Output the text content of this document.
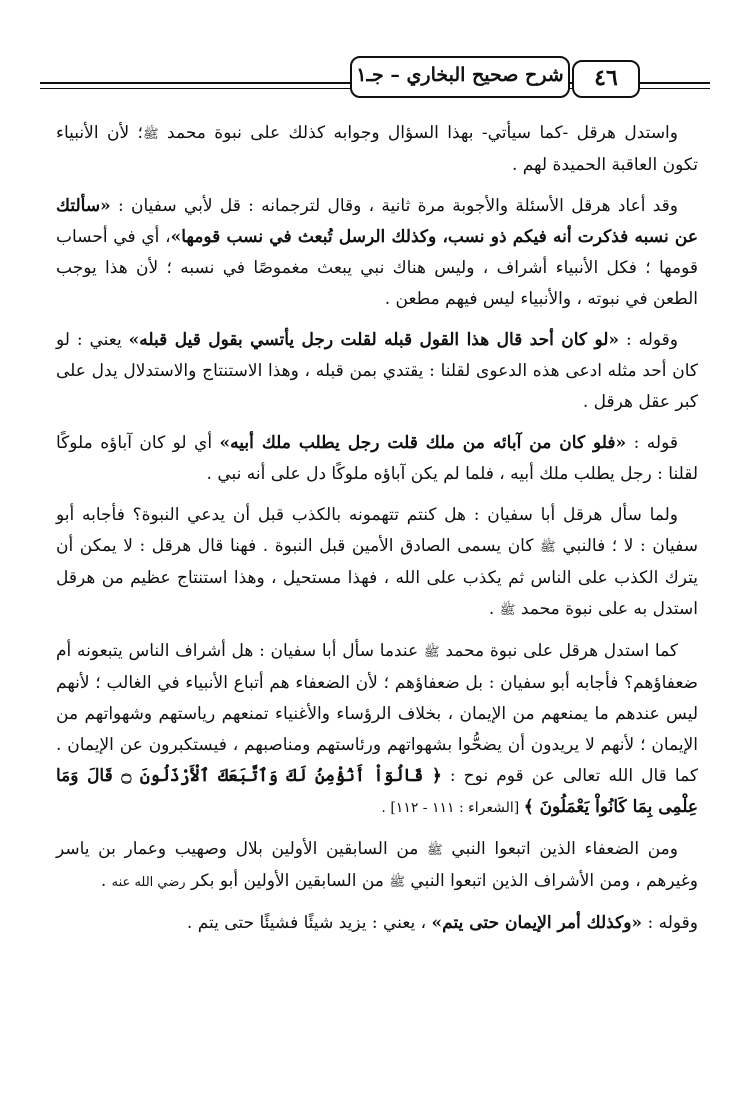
٤٦
شرح صحيح البخاري – جـ١

واستدل هرقل -كما سيأتي- بهذا السؤال وجوابه كذلك على نبوة محمد ﷺ؛ لأن الأنبياء تكون العاقبة الحميدة لهم .

وقد أعاد هرقل الأسئلة والأجوبة مرة ثانية ، وقال لترجمانه : قل لأبي سفيان : «سألتك عن نسبه فذكرت أنه فيكم ذو نسب، وكذلك الرسل تُبعث في نسب قومها»، أي في أحساب قومها ؛ فكل الأنبياء أشراف ، وليس هناك نبي يبعث مغموصًا في نسبه ؛ لأن هذا يوجب الطعن في نبوته ، والأنبياء ليس فيهم مطعن .

وقوله : «لو كان أحد قال هذا القول قبله لقلت رجل يأتسي بقول قيل قبله» يعني : لو كان أحد مثله ادعى هذه الدعوى لقلنا : يقتدي بمن قبله ، وهذا الاستنتاج والاستدلال يدل على كبر عقل هرقل .

قوله : «فلو كان من آبائه من ملك قلت رجل يطلب ملك أبيه» أي لو كان آباؤه ملوكًا لقلنا : رجل يطلب ملك أبيه ، فلما لم يكن آباؤه ملوكًا دل على أنه نبي .

ولما سأل هرقل أبا سفيان : هل كنتم تتهمونه بالكذب قبل أن يدعي النبوة؟ فأجابه أبو سفيان : لا ؛ فالنبي ﷺ كان يسمى الصادق الأمين قبل النبوة . فهنا قال هرقل : لا يمكن أن يترك الكذب على الناس ثم يكذب على الله ، فهذا مستحيل ، وهذا استنتاج عظيم من هرقل استدل به على نبوة محمد ﷺ .

كما استدل هرقل على نبوة محمد ﷺ عندما سأل أبا سفيان : هل أشراف الناس يتبعونه أم ضعفاؤهم؟ فأجابه أبو سفيان : بل ضعفاؤهم ؛ لأن الضعفاء هم أتباع الأنبياء في الغالب ؛ لأنهم ليس عندهم ما يمنعهم من الإيمان ، بخلاف الرؤساء والأغنياء تمنعهم رياستهم وشهواتهم من الإيمان ؛ لأنهم لا يريدون أن يضحُّوا بشهواتهم ورئاستهم ومناصبهم ، فيستكبرون عن الإيمان . كما قال الله تعالى عن قوم نوح : ﴿ قَالُوٓاْ أَنُؤْمِنُ لَكَ وَٱتَّبَعَكَ ٱلْأَرْذَلُونَ ۝ قَالَ وَمَا عِلْمِى بِمَا كَانُواْ يَعْمَلُونَ ﴾ [الشعراء : ١١١ - ١١٢] .

ومن الضعفاء الذين اتبعوا النبي ﷺ من السابقين الأولين بلال وصهيب وعمار بن ياسر وغيرهم ، ومن الأشراف الذين اتبعوا النبي ﷺ من السابقين الأولين أبو بكر رضي الله عنه .

وقوله : «وكذلك أمر الإيمان حتى يتم» ، يعني : يزيد شيئًا فشيئًا حتى يتم .
